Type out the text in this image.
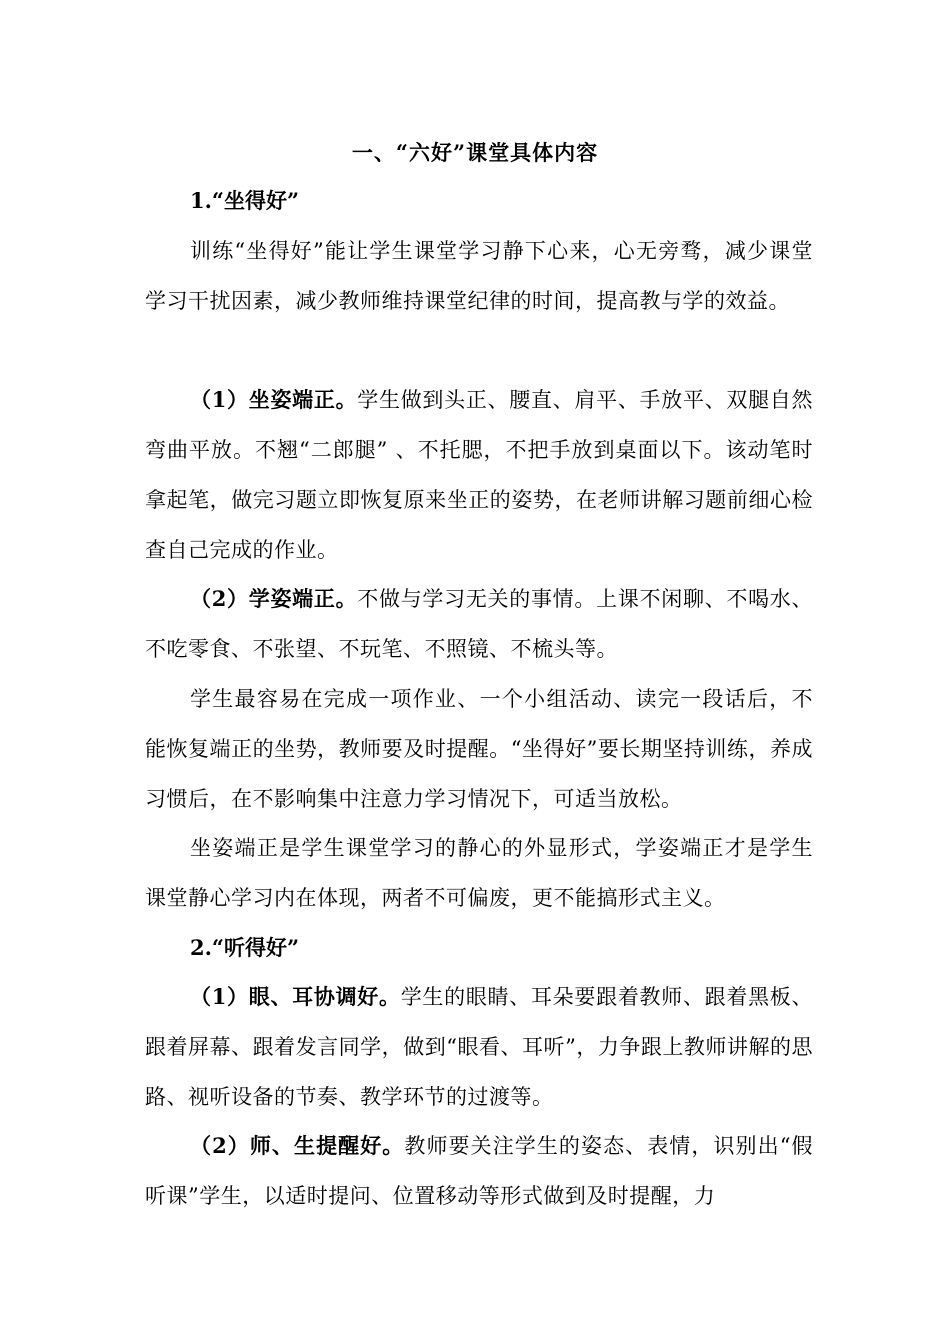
一、“六好”课堂具体内容
1.“坐得好”

训练“坐得好”能让学生课堂学习静下心来，心无旁骛，减少课堂学习干扰因素，减少教师维持课堂纪律的时间，提高教与学的效益。

（1）坐姿端正。学生做到头正、腰直、肩平、手放平、双腿自然弯曲平放。不翘“二郎腿” 、不托腮，不把手放到桌面以下。该动笔时拿起笔，做完习题立即恢复原来坐正的姿势，在老师讲解习题前细心检查自己完成的作业。

（2）学姿端正。不做与学习无关的事情。上课不闲聊、不喝水、不吃零食、不张望、不玩笔、不照镜、不梳头等。

学生最容易在完成一项作业、一个小组活动、读完一段话后，不能恢复端正的坐势，教师要及时提醒。“坐得好”要长期坚持训练，养成习惯后，在不影响集中注意力学习情况下，可适当放松。

坐姿端正是学生课堂学习的静心的外显形式，学姿端正才是学生课堂静心学习内在体现，两者不可偏废，更不能搞形式主义。

2.“听得好”

（1）眼、耳协调好。学生的眼睛、耳朵要跟着教师、跟着黑板、跟着屏幕、跟着发言同学，做到“眼看、耳听”，力争跟上教师讲解的思路、视听设备的节奏、教学环节的过渡等。

（2）师、生提醒好。教师要关注学生的姿态、表情，识别出“假听课”学生，以适时提问、位置移动等形式做到及时提醒，力
